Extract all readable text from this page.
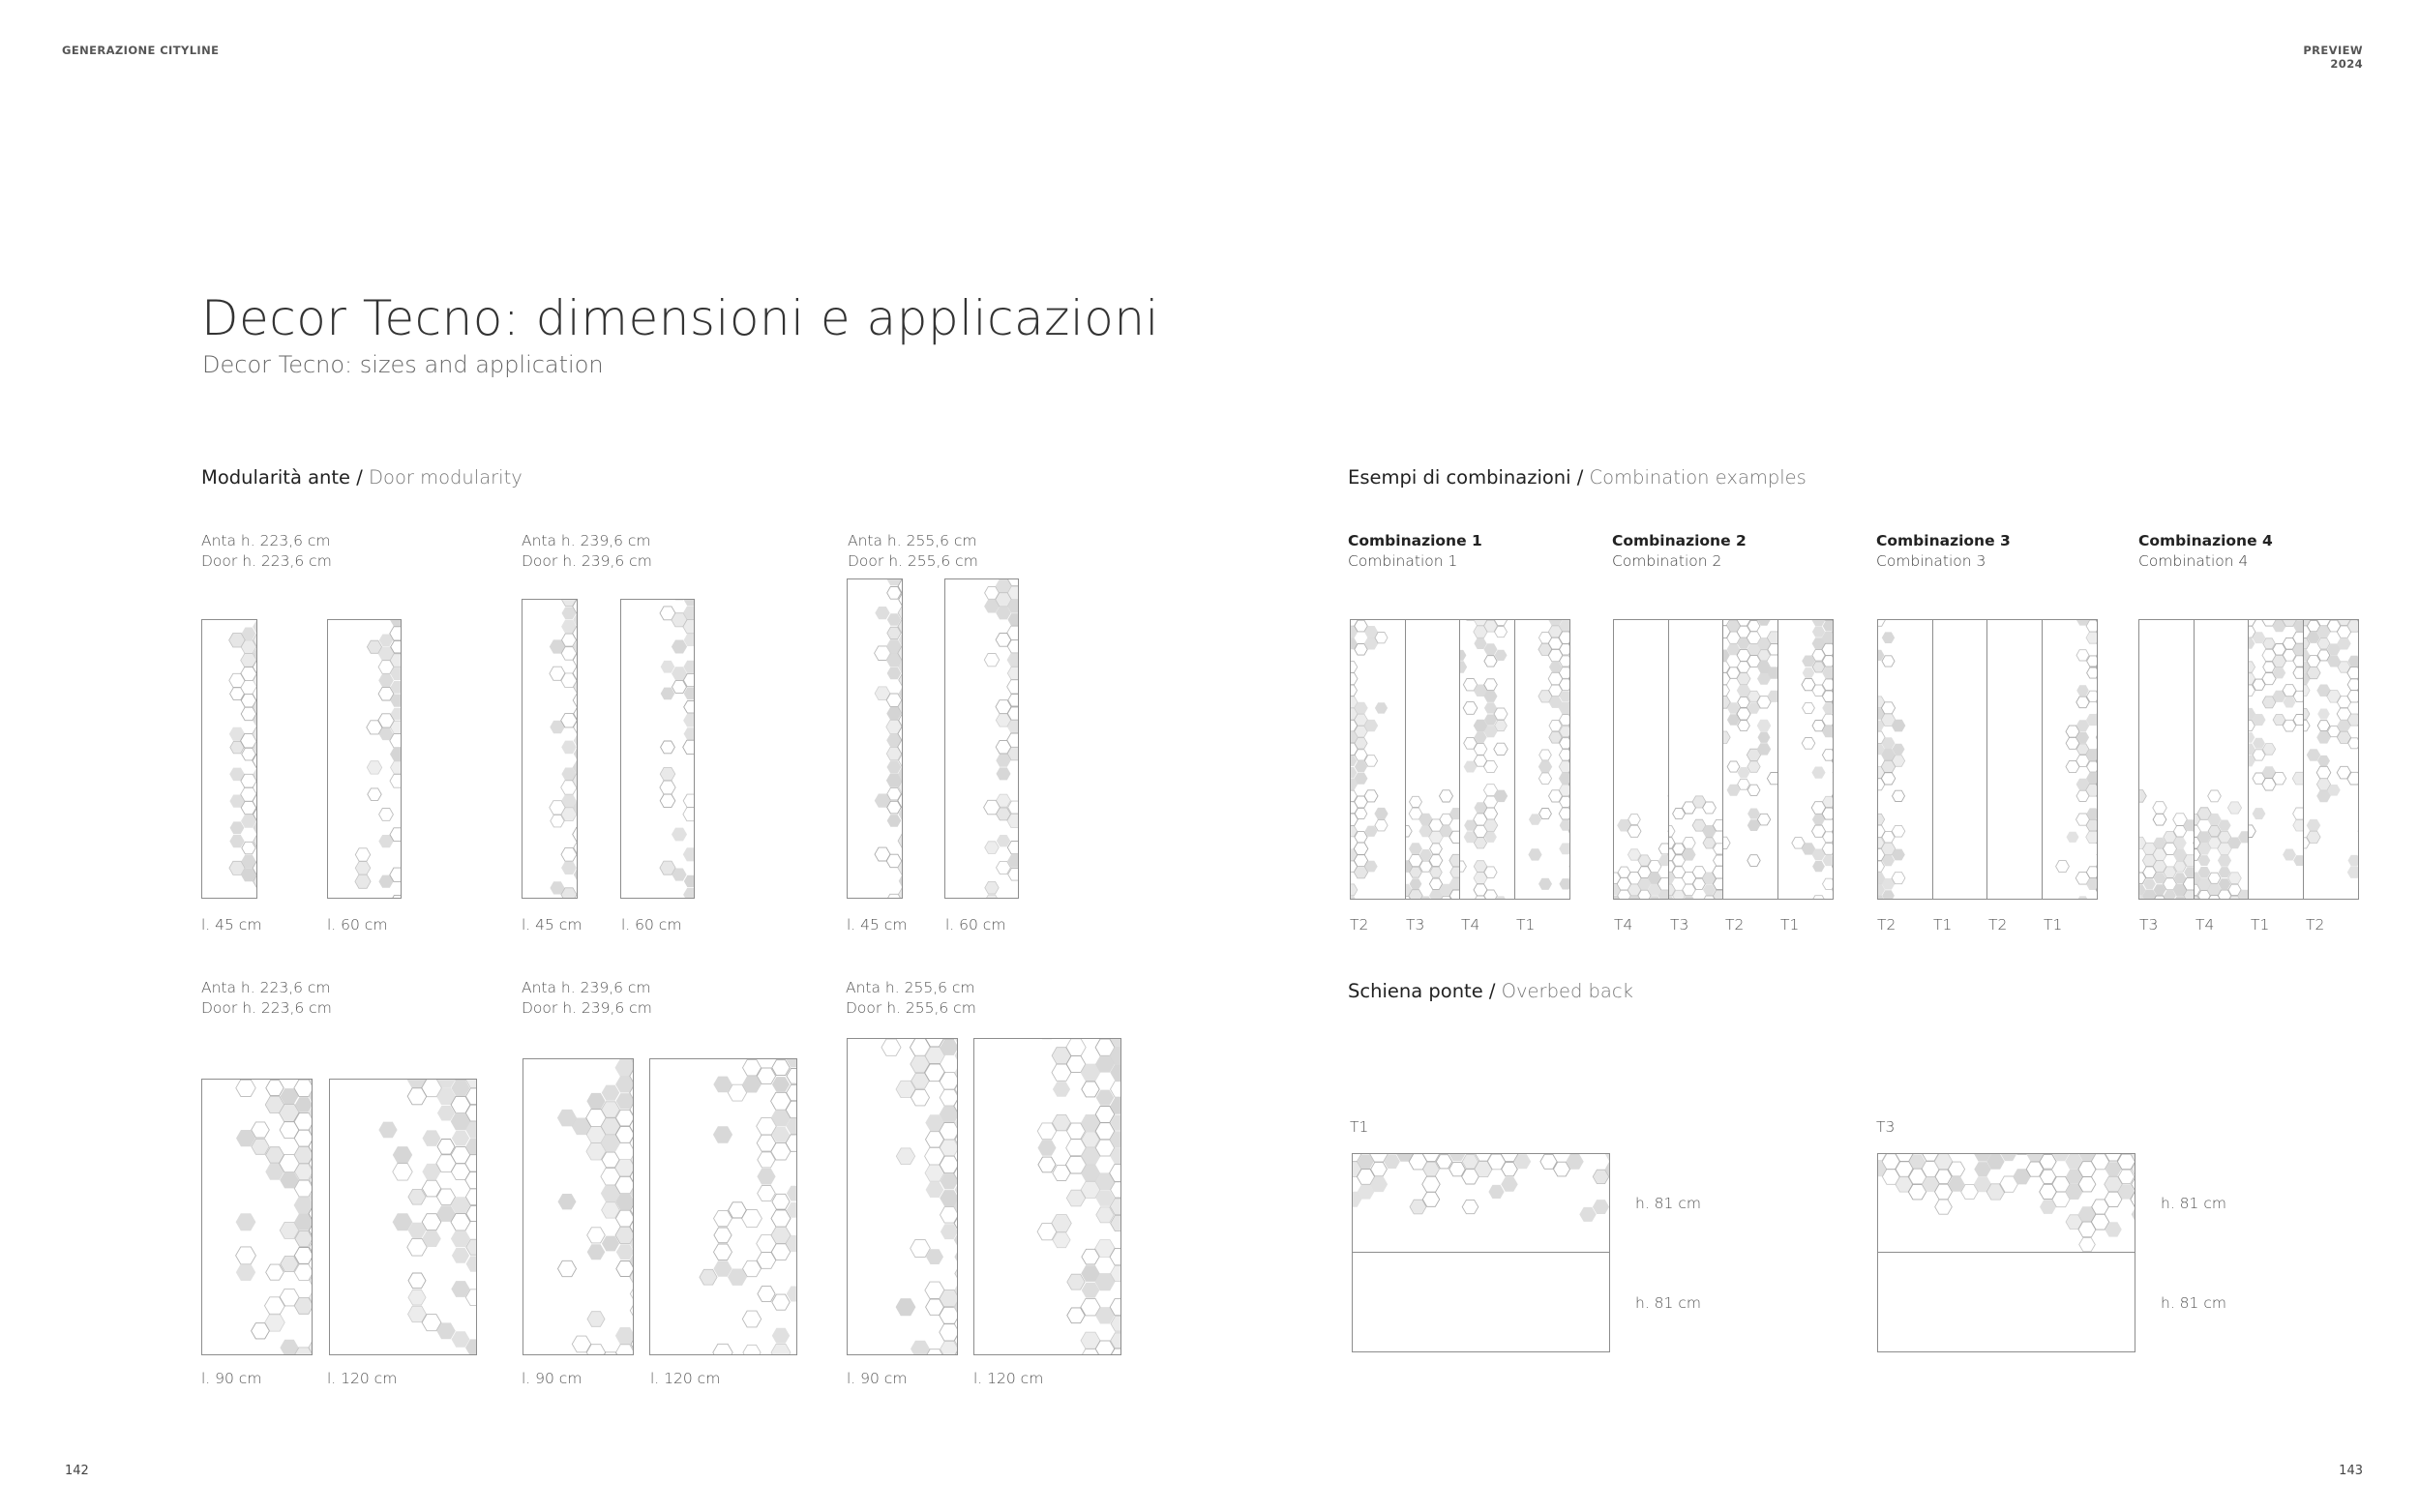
GENERAZIONE CITYLINE	PREVIEW 2024
Decor Tecno: dimensioni e applicazioni
Decor Tecno: sizes and application
Modularità ante / Door modularity
Anta h. 223,6 cm
Door h. 223,6 cm
Anta h. 239,6 cm
Door h. 239,6 cm
Anta h. 255,6 cm
Door h. 255,6 cm
l. 45 cm	l. 60 cm	l. 45 cm	l. 60 cm	l. 45 cm	l. 60 cm
Anta h. 223,6 cm
Door h. 223,6 cm
Anta h. 239,6 cm
Door h. 239,6 cm
Anta h. 255,6 cm
Door h. 255,6 cm
l. 90 cm	l. 120 cm	l. 90 cm	l. 120 cm	l. 90 cm	l. 120 cm
Esempi di combinazioni / Combination examples
Combinazione 1
Combination 1
Combinazione 2
Combination 2
Combinazione 3
Combination 3
Combinazione 4
Combination 4
T2 T3 T4 T1	T4 T3 T2 T1	T2 T1 T2 T1	T3 T4 T1 T2
Schiena ponte / Overbed back
T1	T3
h. 81 cm
h. 81 cm
h. 81 cm
h. 81 cm
142	143
